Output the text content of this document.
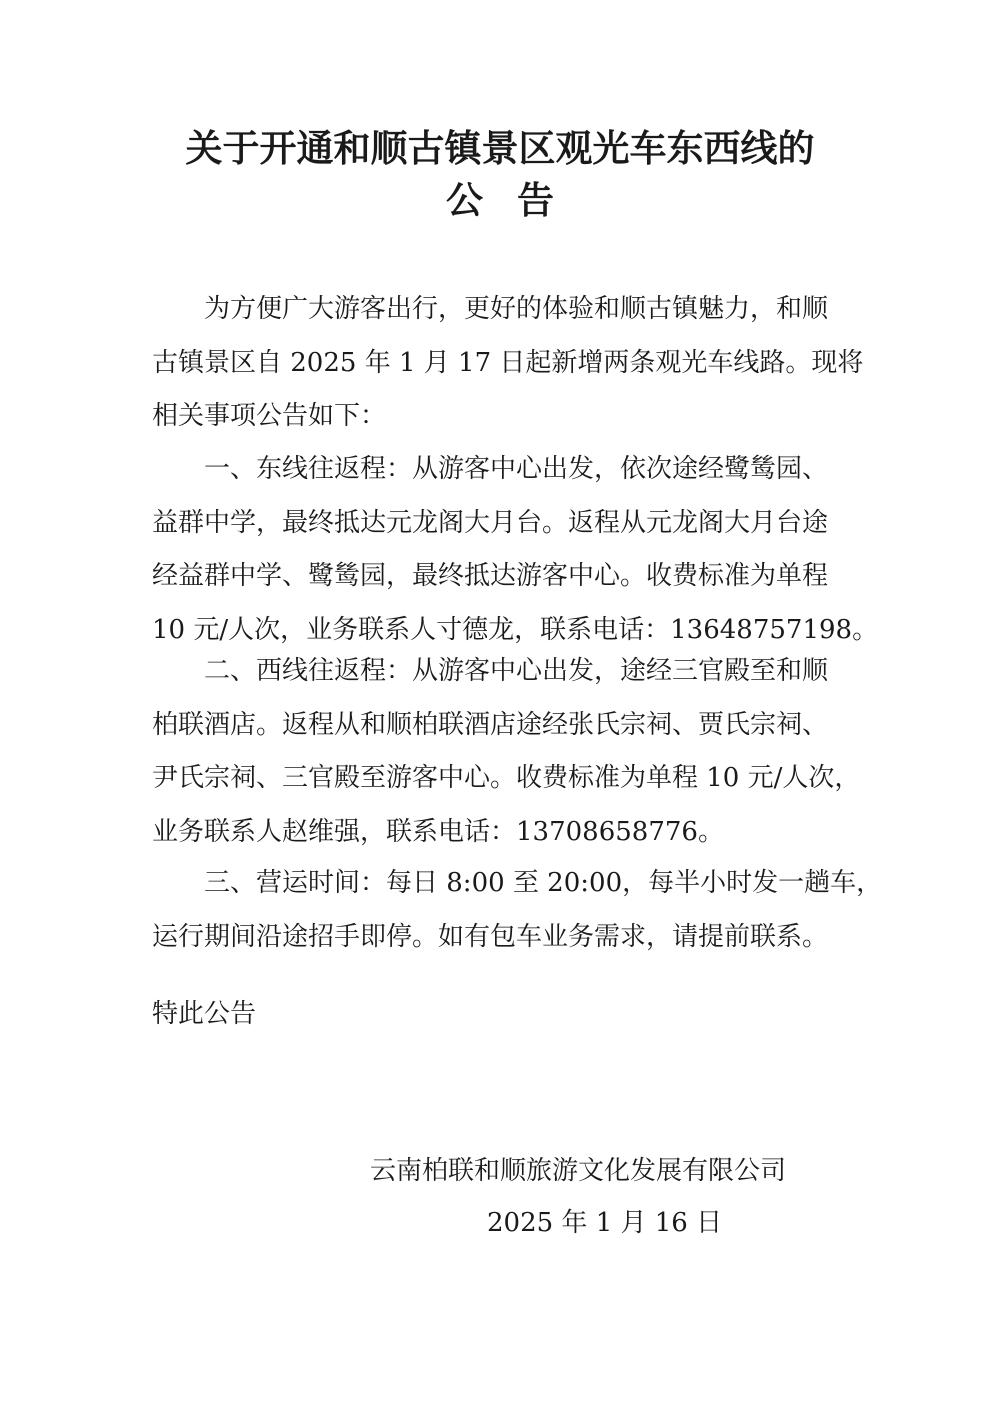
关于开通和顺古镇景区观光车东西线的
公告
为方便广大游客出行，更好的体验和顺古镇魅力，和顺
古镇景区自 2025 年 1 月 17 日起新增两条观光车线路。现将
相关事项公告如下：
一、东线往返程：从游客中心出发，依次途经鹭鸶园、
益群中学，最终抵达元龙阁大月台。返程从元龙阁大月台途
经益群中学、鹭鸶园，最终抵达游客中心。收费标准为单程
10 元/人次，业务联系人寸德龙，联系电话：13648757198。
二、西线往返程：从游客中心出发，途经三官殿至和顺
柏联酒店。返程从和顺柏联酒店途经张氏宗祠、贾氏宗祠、
尹氏宗祠、三官殿至游客中心。收费标准为单程 10 元/人次，
业务联系人赵维强，联系电话：13708658776。
三、营运时间：每日 8:00 至 20:00，每半小时发一趟车，
运行期间沿途招手即停。如有包车业务需求，请提前联系。
特此公告
云南柏联和顺旅游文化发展有限公司
2025 年 1 月 16 日
